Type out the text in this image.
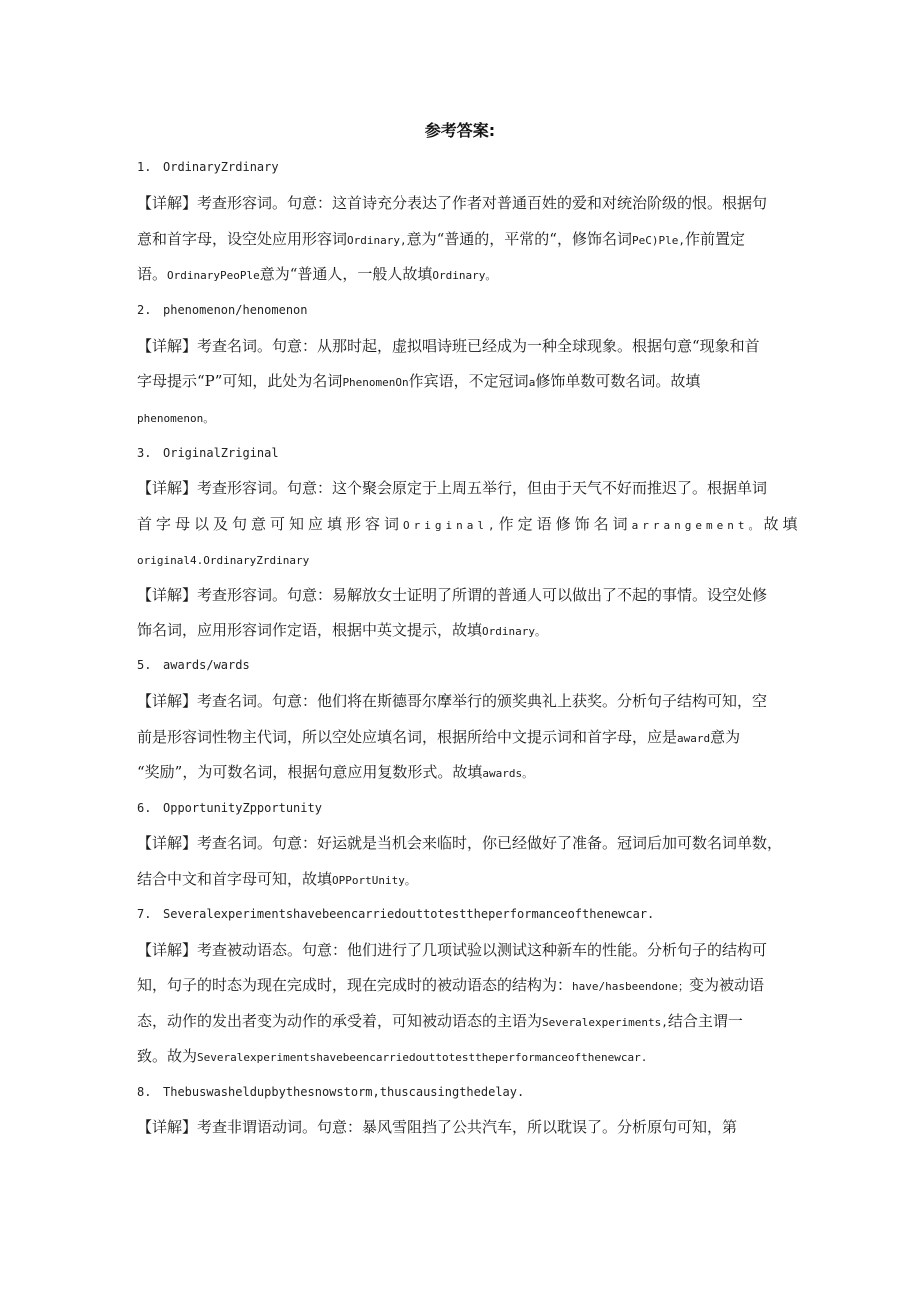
参考答案:
1. OrdinaryZrdinary
【详解】考查形容词。句意：这首诗充分表达了作者对普通百姓的爱和对统治阶级的恨。根据句
意和首字母，设空处应用形容词Ordinary,意为“普通的，平常的“，修饰名词PeC)Ple,作前置定
语。OrdinaryPeoPle意为“普通人，一般人故填Ordinary。
2. phenomenon/henomenon
【详解】考查名词。句意：从那时起，虚拟唱诗班已经成为一种全球现象。根据句意“现象和首
字母提示“P”可知，此处为名词PhenomenOn作宾语，不定冠词a修饰单数可数名词。故填
phenomenon。
3. OriginalZriginal
【详解】考查形容词。句意：这个聚会原定于上周五举行，但由于天气不好而推迟了。根据单词
首字母以及句意可知应填形容词Original,作定语修饰名词arrangement。故填
original4.OrdinaryZrdinary
【详解】考查形容词。句意：易解放女士证明了所谓的普通人可以做出了不起的事情。设空处修
饰名词，应用形容词作定语，根据中英文提示，故填Ordinary。
5. awards/wards
【详解】考查名词。句意：他们将在斯德哥尔摩举行的颁奖典礼上获奖。分析句子结构可知，空
前是形容词性物主代词，所以空处应填名词，根据所给中文提示词和首字母，应是award意为
“奖励”，为可数名词，根据句意应用复数形式。故填awards。
6. OpportunityZpportunity
【详解】考查名词。句意：好运就是当机会来临时，你已经做好了准备。冠词后加可数名词单数，
结合中文和首字母可知，故填OPPortUnity。
7. Severalexperimentshavebeencarriedouttotesttheperformanceofthenewcar.
【详解】考查被动语态。句意：他们进行了几项试验以测试这种新车的性能。分析句子的结构可
知，句子的时态为现在完成时，现在完成时的被动语态的结构为：have/hasbeendone；变为被动语
态，动作的发出者变为动作的承受着，可知被动语态的主语为Severalexperiments,结合主谓一
致。故为Severalexperimentshavebeencarriedouttotesttheperformanceofthenewcar.
8. Thebuswasheldupbythesnowstorm,thuscausingthedelay.
【详解】考查非谓语动词。句意：暴风雪阻挡了公共汽车，所以耽误了。分析原句可知，第
